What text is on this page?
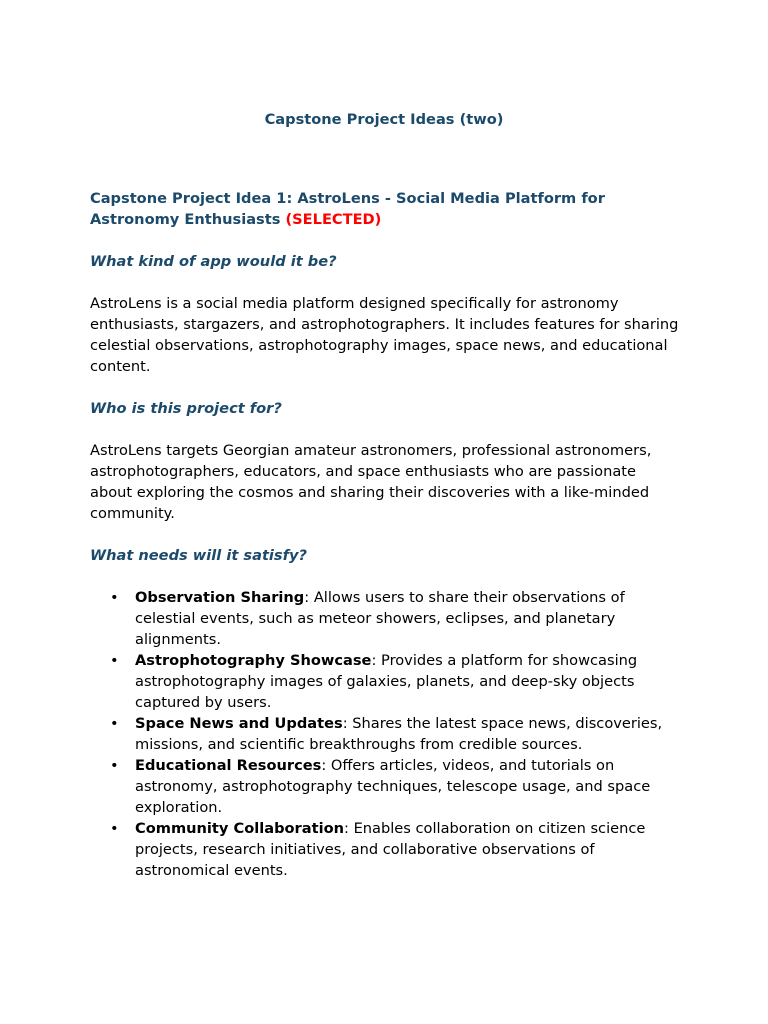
Capstone Project Ideas (two)

Capstone Project Idea 1: AstroLens - Social Media Platform for Astronomy Enthusiasts (SELECTED)

What kind of app would it be?

AstroLens is a social media platform designed specifically for astronomy enthusiasts, stargazers, and astrophotographers. It includes features for sharing celestial observations, astrophotography images, space news, and educational content.

Who is this project for?

AstroLens targets Georgian amateur astronomers, professional astronomers, astrophotographers, educators, and space enthusiasts who are passionate about exploring the cosmos and sharing their discoveries with a like-minded community.

What needs will it satisfy?

• Observation Sharing: Allows users to share their observations of celestial events, such as meteor showers, eclipses, and planetary alignments.
• Astrophotography Showcase: Provides a platform for showcasing astrophotography images of galaxies, planets, and deep-sky objects captured by users.
• Space News and Updates: Shares the latest space news, discoveries, missions, and scientific breakthroughs from credible sources.
• Educational Resources: Offers articles, videos, and tutorials on astronomy, astrophotography techniques, telescope usage, and space exploration.
• Community Collaboration: Enables collaboration on citizen science projects, research initiatives, and collaborative observations of astronomical events.
